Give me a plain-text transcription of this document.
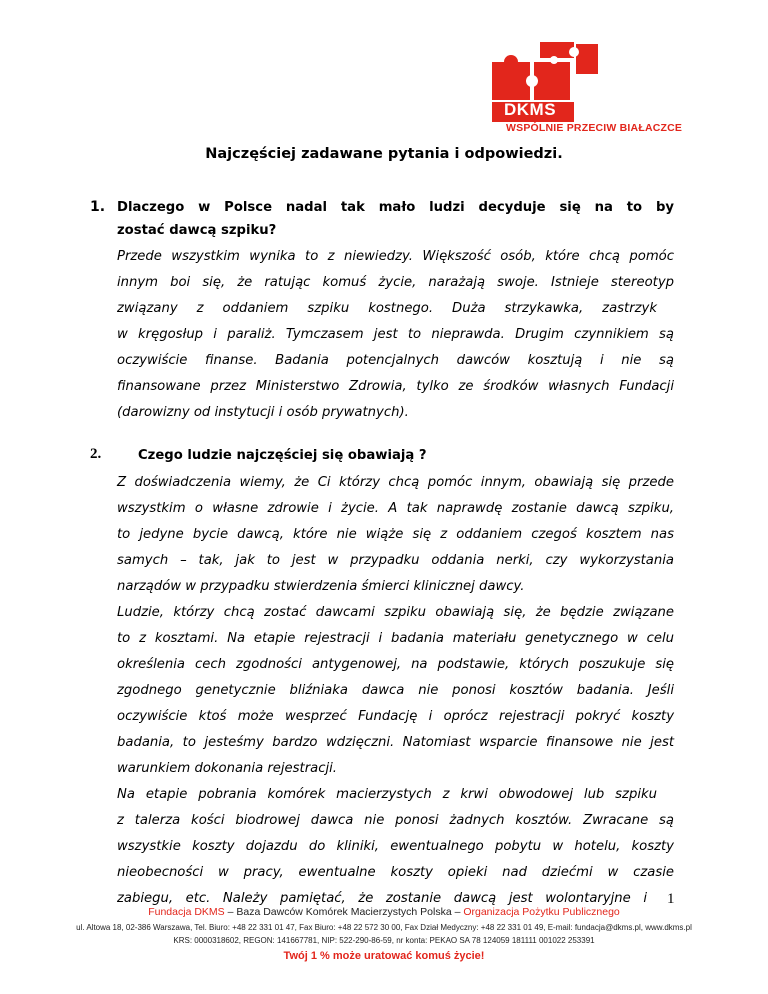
DKMS
WSPÓLNIE PRZECIW BIAŁACZCE
Najczęściej zadawane pytania i odpowiedzi.
1. Dlaczego w Polsce nadal tak mało ludzi decyduje się na to by
zostać dawcą szpiku?
Przede wszystkim wynika to z niewiedzy. Większość osób, które chcą pomóc
innym boi się, że ratując komuś życie, narażają swoje. Istnieje stereotyp
związany z oddaniem szpiku kostnego. Duża strzykawka, zastrzyk
w kręgosłup i paraliż. Tymczasem jest to nieprawda. Drugim czynnikiem są
oczywiście finanse. Badania potencjalnych dawców kosztują i nie są
finansowane przez Ministerstwo Zdrowia, tylko ze środków własnych Fundacji
(darowizny od instytucji i osób prywatnych).
2.	Czego ludzie najczęściej się obawiają ?
Z doświadczenia wiemy, że Ci którzy chcą pomóc innym, obawiają się przede
wszystkim o własne zdrowie i życie. A tak naprawdę zostanie dawcą szpiku,
to jedyne bycie dawcą, które nie wiąże się z oddaniem czegoś kosztem nas
samych – tak, jak to jest w przypadku oddania nerki, czy wykorzystania
narządów w przypadku stwierdzenia śmierci klinicznej dawcy.
Ludzie, którzy chcą zostać dawcami szpiku obawiają się, że będzie związane
to z kosztami. Na etapie rejestracji i badania materiału genetycznego w celu
określenia cech zgodności antygenowej, na podstawie, których poszukuje się
zgodnego genetycznie bliźniaka dawca nie ponosi kosztów badania. Jeśli
oczywiście ktoś może wesprzeć Fundację i oprócz rejestracji pokryć koszty
badania, to jesteśmy bardzo wdzięczni. Natomiast wsparcie finansowe nie jest
warunkiem dokonania rejestracji.
Na etapie pobrania komórek macierzystych z krwi obwodowej lub szpiku
z talerza kości biodrowej dawca nie ponosi żadnych kosztów. Zwracane są
wszystkie koszty dojazdu do kliniki, ewentualnego pobytu w hotelu, koszty
nieobecności w pracy, ewentualne koszty opieki nad dziećmi w czasie
zabiegu, etc. Należy pamiętać, że zostanie dawcą jest wolontaryjne i 1
Fundacja DKMS – Baza Dawców Komórek Macierzystych Polska – Organizacja Pożytku Publicznego
ul. Altowa 18, 02-386 Warszawa, Tel. Biuro: +48 22 331 01 47, Fax Biuro: +48 22 572 30 00, Fax Dział Medyczny: +48 22 331 01 49, E-mail: fundacja@dkms.pl, www.dkms.pl
KRS: 0000318602, REGON: 141667781, NIP: 522-290-86-59, nr konta: PEKAO SA 78 124059 181111 001022 253391
Twój 1 % może uratować komuś życie!
